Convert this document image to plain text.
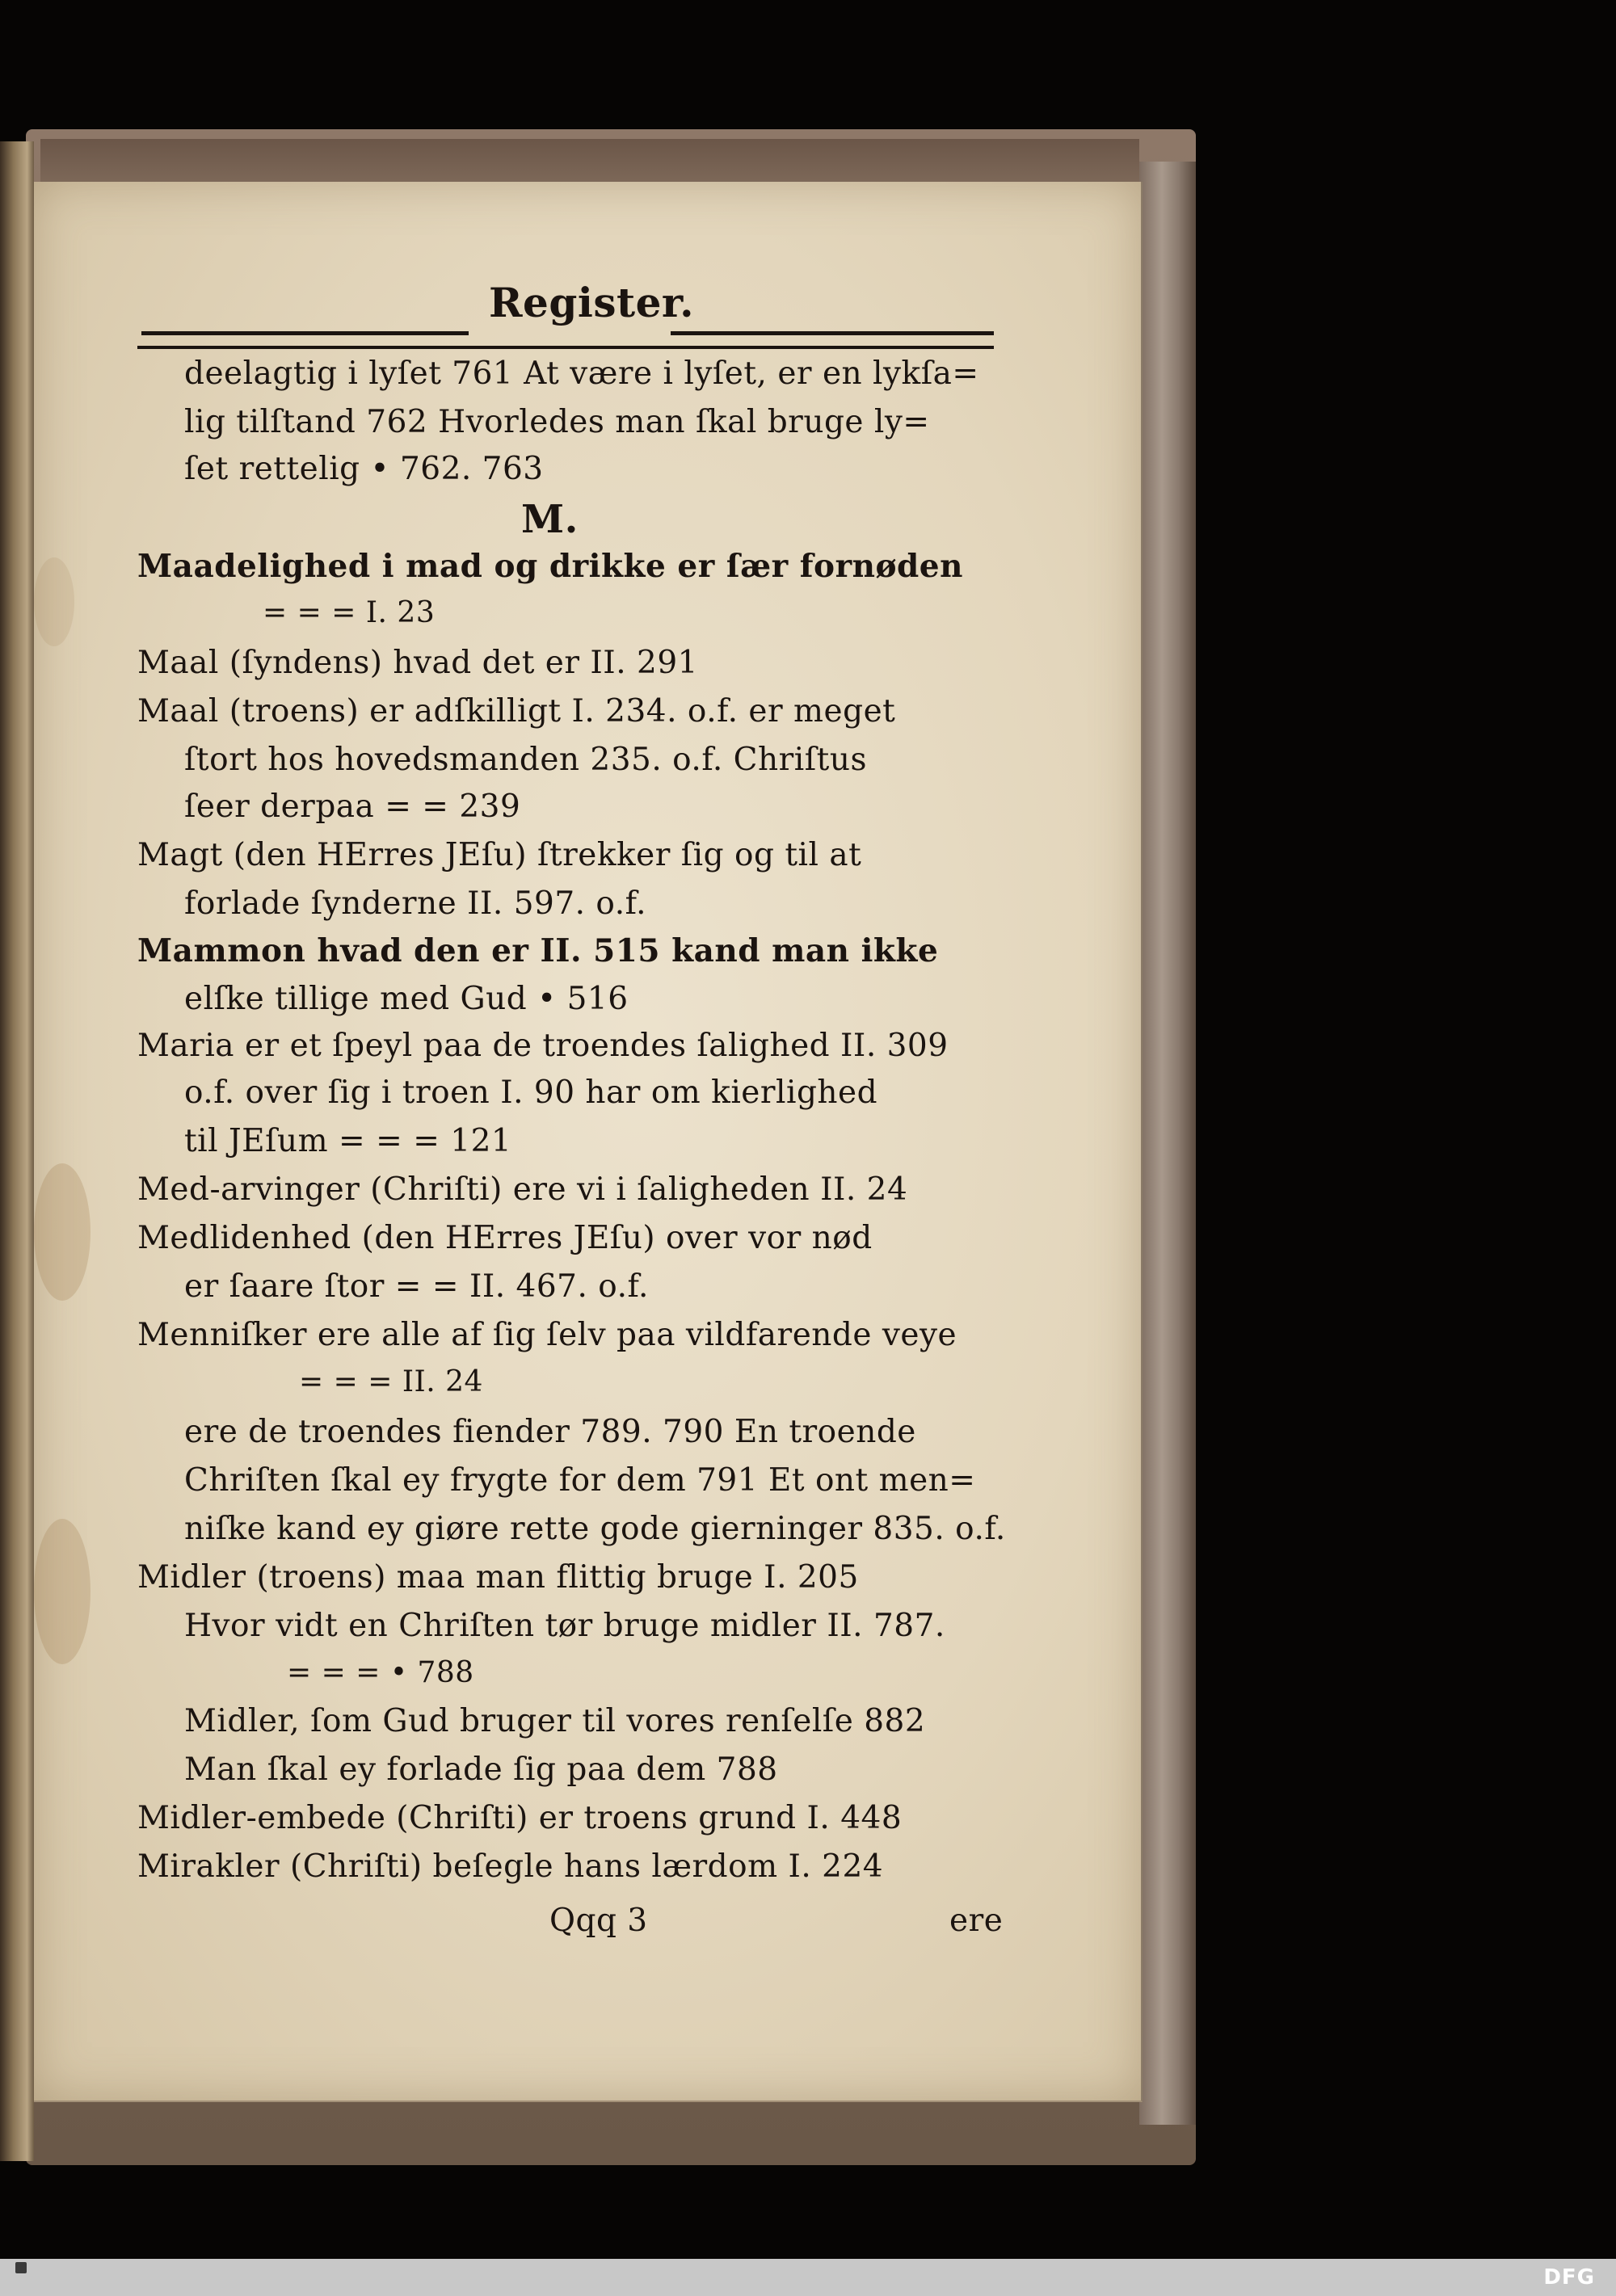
Register.
deelagtig i lyſet 761 At være i lyſet, er en lykſa=
lig tilſtand 762 Hvorledes man ſkal bruge ly=
ſet rettelig • 762. 763
M.
Maadelighed i mad og drikke er ſær fornøden
= = = I. 23
Maal (ſyndens) hvad det er II. 291
Maal (troens) er adſkilligt I. 234. o.f. er meget
ſtort hos hovedsmanden 235. o.f. Chriſtus
ſeer derpaa = = 239
Magt (den HErres JEſu) ſtrekker ſig og til at
forlade ſynderne II. 597. o.f.
Mammon hvad den er II. 515 kand man ikke
elſke tillige med Gud • 516
Maria er et ſpeyl paa de troendes ſalighed II. 309
o.f. over ſig i troen I. 90 har om kierlighed
til JEſum = = = 121
Med-arvinger (Chriſti) ere vi i ſaligheden II. 24
Medlidenhed (den HErres JEſu) over vor nød
er ſaare ſtor = = II. 467. o.f.
Menniſker ere alle af ſig ſelv paa vildfarende veye
= = = II. 24
ere de troendes fiender 789. 790 En troende
Chriſten ſkal ey frygte for dem 791 Et ont men=
niſke kand ey giøre rette gode gierninger 835. o.f.
Midler (troens) maa man flittig bruge I. 205
Hvor vidt en Chriſten tør bruge midler II. 787.
= = = • 788
Midler, ſom Gud bruger til vores renſelſe 882
Man ſkal ey forlade ſig paa dem 788
Midler-embede (Chriſti) er troens grund I. 448
Mirakler (Chriſti) beſegle hans lærdom I. 224
Qqq 3	ere
DFG
